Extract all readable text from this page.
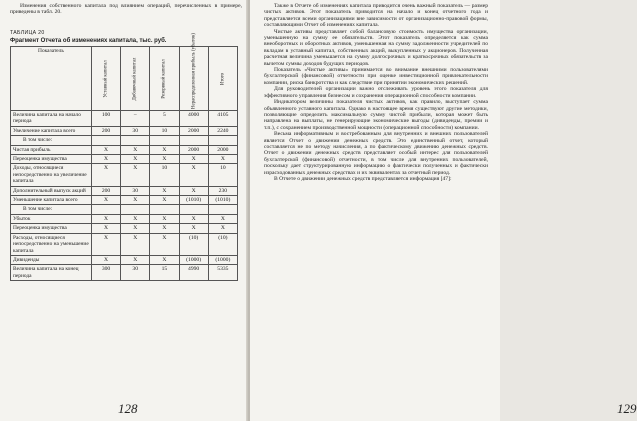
Изменения собственного капитала под влиянием операций, перечисленных в примере, приведены в табл. 20.

ТАБЛИЦА 20
Фрагмент Отчета об изменениях капитала, тыс. руб.
Показатель	Уставный капитал	Добавочный капитал	Резервный капитал	Нераспределенная прибыль (убыток)	Итого

Величина капитала на начало периода	100	–	5	4000	4105
Увеличение капитала всего	200	30	10	2000	2240
В том числе:					
Чистая прибыль	X	X	X	2000	2000
Переоценка имущества	X	X	X	X	X
Доходы, относящиеся непосредственно на увеличение капитала	X	X	10	X	10
Дополнительный выпуск акций	200	30	X	X	230
Уменьшение капитала всего	X	X	X	(1010)	(1010)
В том числе:					
Убыток	X	X	X	X	X
Переоценка имущества	X	X	X	X	X
Расходы, относящиеся непосредственно на уменьшение капитала	X	X	X	(10)	(10)
Дивиденды	X	X	X	(1000)	(1000)
Величина капитала на конец периода	300	30	15	4990	5335
128

Также в Отчете об изменениях капитала приводится очень важный показатель — размер чистых активов. Этот показатель приводится на начало и конец отчетного года и представляется всеми организациями вне зависимости от организационно-правовой формы, составляющими Отчет об изменениях капитала.

Чистые активы представляет собой балансовую стоимость имущества организации, уменьшенную на сумму ее обязательств. Этот показатель определяется как сумма внеоборотных и оборотных активов, уменьшенная на сумму задолженности учредителей по вкладам в уставный капитал, собственных акций, выкупленных у акционеров. Полученная расчетная величина уменьшается на сумму долгосрочных и краткосрочных обязательств за вычетом суммы доходов будущих периодов.

Показатель «Чистые активы» принимается во внимание внешними пользователями бухгалтерской (финансовой) отчетности при оценке инвестиционной привлекательности компании, риска банкротства и как следствие при принятии экономических решений.

Для руководителей организации важно отслеживать уровень этого показателя для эффективного управления бизнесом и сохранения операционной способности компании.

Индикатором величины показателя чистых активов, как правило, выступает сумма объявленного уставного капитала. Однако в настоящее время существуют другие методики, позволяющие определить максимальную сумму чистой прибыли, которая может быть направлена на выплаты, не генерирующие экономические выгоды (дивиденды, премии и т.п.), с сохранением производственной мощности (операционной способности) компании.

Весьма информативным и востребованным для внутренних и внешних пользователей является Отчет о движении денежных средств. Это единственный отчет, который составляется не по методу начисления, а по фактическому движению денежных средств. Отчет о движении денежных средств представляет особый интерес для пользователей бухгалтерской (финансовой) отчетности, в том числе для внутренних пользователей, поскольку дает структурированную информацию о фактически полученных и фактически израсходованных денежных средствах и их эквивалентах за отчетный период.

В Отчете о движении денежных средств представляется информация [47]:

129
